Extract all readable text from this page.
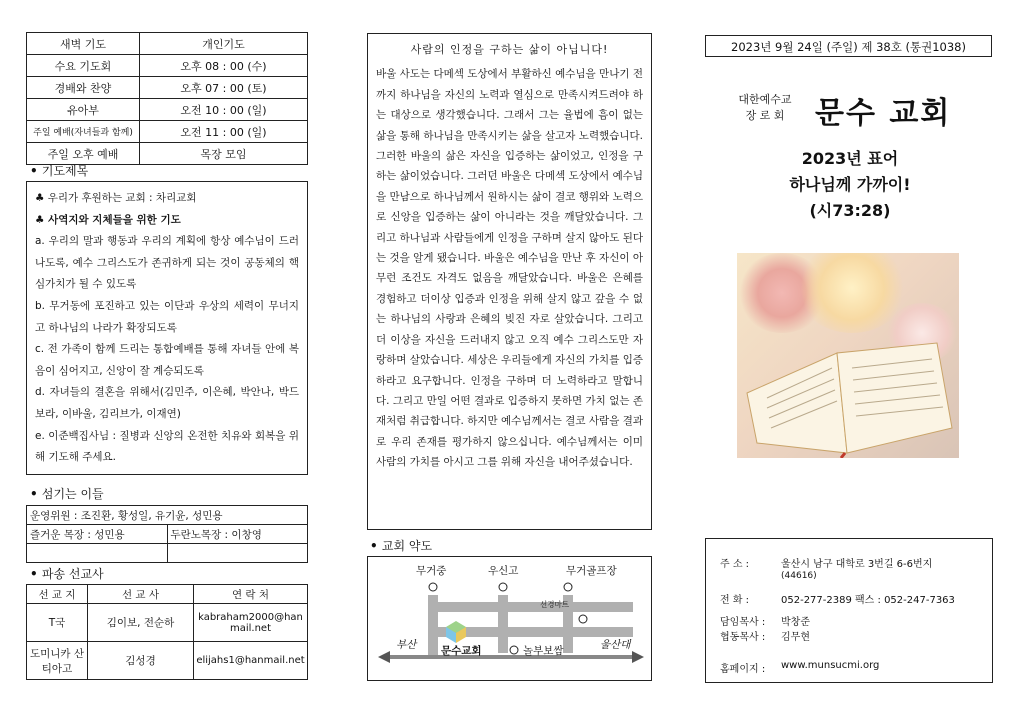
새벽 기도	개인기도
수요 기도회	오후 08 : 00 (수)
경배와 찬양	오후 07 : 00 (토)
유아부	오전 10 : 00 (일)
주일 예배(자녀들과 함께)	오전 11 : 00 (일)
주일 오후 예배	목장 모임
• 기도제목

♣ 우리가 후원하는 교회 : 차리교회

♣ 사역지와 지체들을 위한 기도

a. 우리의 말과 행동과 우리의 계획에 항상 예수님이 드러나도록, 예수 그리스도가 존귀하게 되는 것이 공동체의 핵심가치가 될 수 있도록

b. 무거동에 포진하고 있는 이단과 우상의 세력이 무너지고 하나님의 나라가 확장되도록

c. 전 가족이 함께 드리는 통합예배를 통해 자녀들 안에 복음이 심어지고, 신앙이 잘 계승되도록

d. 자녀들의 결혼을 위해서(김민주, 이은혜, 박안나, 박드보라, 이바울, 김리브가, 이재연)

e. 이준백집사님 : 질병과 신앙의 온전한 치유와 회복을 위해 기도해 주세요.

• 섬기는 이들
운영위원 : 조진환, 황성일, 유기윤, 성민용	
즐거운 목장 : 성민용	두란노목장 : 이창영

• 파송 선교사
선 교 지	선 교 사	연 락 처
T국	김이보, 전순하	kabraham2000@hanmail.net
도미니카 산티아고	김성경	elijahs1@hanmail.net
사람의 인정을 구하는 삶이 아닙니다!

바울 사도는 다메섹 도상에서 부활하신 예수님을 만나기 전까지 하나님을 자신의 노력과 열심으로 만족시켜드려야 하는 대상으로 생각했습니다. 그래서 그는 율법에 흠이 없는 삶을 통해 하나님을 만족시키는 삶을 살고자 노력했습니다. 그러한 바울의 삶은 자신을 입증하는 삶이었고, 인정을 구하는 삶이었습니다. 그러던 바울은 다메섹 도상에서 예수님을 만남으로 하나님께서 원하시는 삶이 결코 행위와 노력으로 신앙을 입증하는 삶이 아니라는 것을 깨달았습니다. 그리고 하나님과 사람들에게 인정을 구하며 살지 않아도 된다는 것을 알게 됐습니다. 바울은 예수님을 만난 후 자신이 아무런 조건도 자격도 없음을 깨달았습니다. 바울은 은혜를 경험하고 더이상 입증과 인정을 위해 살지 않고 갚을 수 없는 하나님의 사랑과 은혜의 빚진 자로 살았습니다. 그리고 더 이상을 자신을 드러내지 않고 오직 예수 그리스도만 자랑하며 살았습니다. 세상은 우리들에게 자신의 가치를 입증하라고 요구합니다. 인정을 구하며 더 노력하라고 말합니다. 그리고 만일 어떤 결과로 입증하지 못하면 가치 없는 존재처럼 취급합니다. 하지만 예수님께서는 결코 사람을 결과로 우리 존재를 평가하지 않으십니다. 예수님께서는 이미 사람의 가치를 아시고 그를 위해 자신을 내어주셨습니다.

• 교회 약도
무거중	우신고	무거골프장
선경마트
문수교회	놀부보쌈
부산	울산대
2023년 9월 24일 (주일) 제 38호 (통권1038)
대한예수교
장 로 회	문수 교회
2023년 표어
하나님께 가까이!
(시73:28)
주 소 :	울산시 남구 대학로 3번길 6-6번지
(44616)
전 화 :	052-277-2389 팩스 : 052-247-7363
담임목사 : 박창준
협동목사 : 김무현
홈페이지 : www.munsucmi.org
